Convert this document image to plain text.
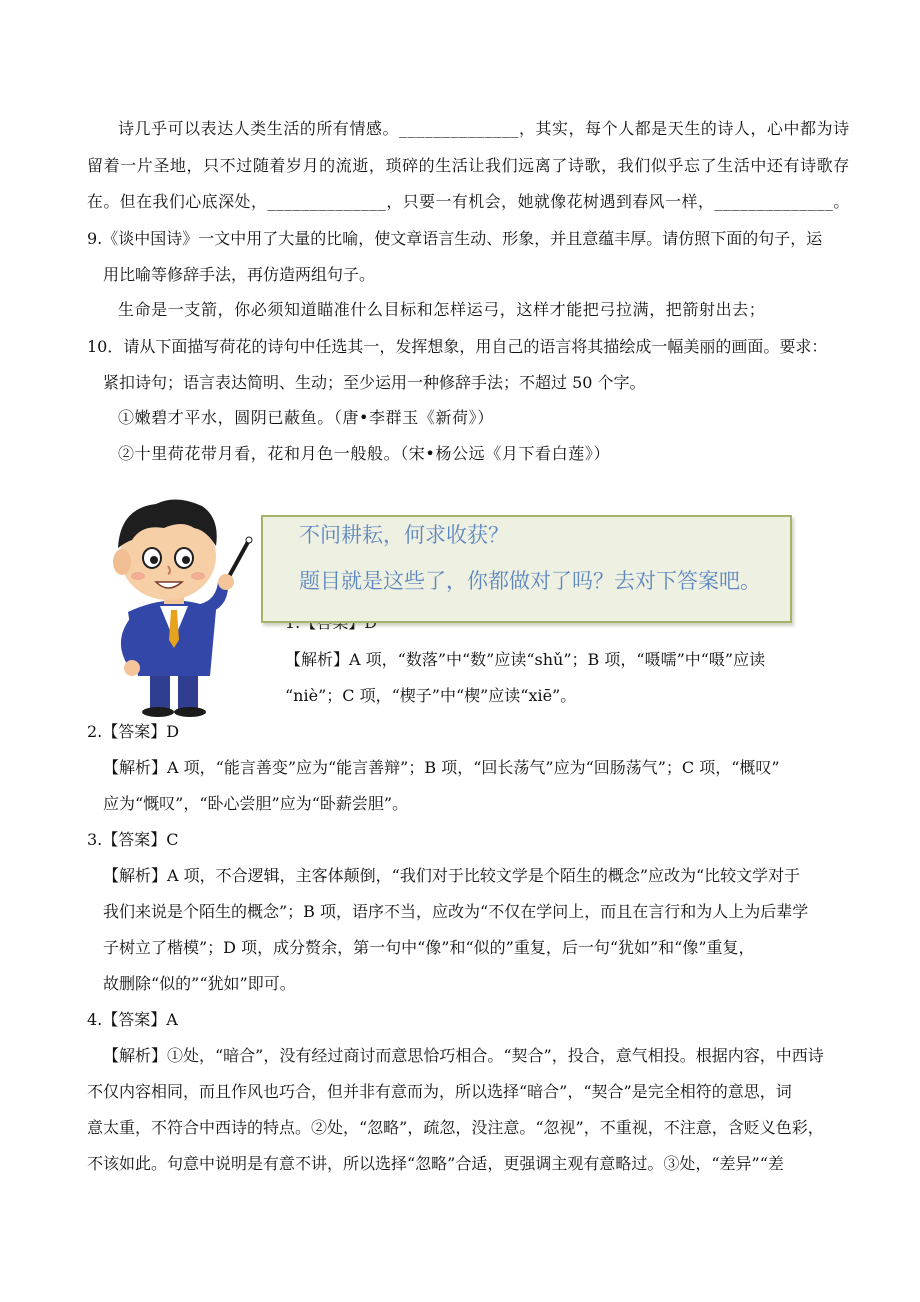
诗几乎可以表达人类生活的所有情感。______________，其实，每个人都是天生的诗人，心中都为诗
留着一片圣地，只不过随着岁月的流逝，琐碎的生活让我们远离了诗歌，我们似乎忘了生活中还有诗歌存
在。但在我们心底深处，______________，只要一有机会，她就像花树遇到春风一样，______________。
9.《谈中国诗》一文中用了大量的比喻，使文章语言生动、形象，并且意蕴丰厚。请仿照下面的句子，运
用比喻等修辞手法，再仿造两组句子。
生命是一支箭，你必须知道瞄准什么目标和怎样运弓，这样才能把弓拉满，把箭射出去；
10．请从下面描写荷花的诗句中任选其一，发挥想象，用自己的语言将其描绘成一幅美丽的画面。要求：
紧扣诗句；语言表达简明、生动；至少运用一种修辞手法；不超过 50 个字。
①嫩碧才平水，圆阴已蔽鱼。（唐•李群玉《新荷》）
②十里荷花带月看，花和月色一般般。（宋•杨公远《月下看白莲》）
【解析】A 项，“数落”中“数”应读“shǔ”；B 项，“嗫嚅”中“嗫”应读
“niè”；C 项，“楔子”中“楔”应读“xiē”。
不问耕耘，何求收获？
题目就是这些了，你都做对了吗？去对下答案吧。
2.【答案】D
【解析】A 项，“能言善变”应为“能言善辩”；B 项，“回长荡气”应为“回肠荡气”；C 项，“概叹”
应为“慨叹”，“卧心尝胆”应为“卧薪尝胆”。
3.【答案】C
【解析】A 项，不合逻辑，主客体颠倒，“我们对于比较文学是个陌生的概念”应改为“比较文学对于
我们来说是个陌生的概念”；B 项，语序不当，应改为“不仅在学问上，而且在言行和为人上为后辈学
子树立了楷模”；D 项，成分赘余，第一句中“像”和“似的”重复，后一句“犹如”和“像”重复，
故删除“似的”“犹如”即可。
4.【答案】A
【解析】①处，“暗合”，没有经过商讨而意思恰巧相合。“契合”，投合，意气相投。根据内容，中西诗
不仅内容相同，而且作风也巧合，但并非有意而为，所以选择“暗合”，“契合”是完全相符的意思，词
意太重，不符合中西诗的特点。②处，“忽略”，疏忽，没注意。“忽视”，不重视，不注意，含贬义色彩，
不该如此。句意中说明是有意不讲，所以选择“忽略”合适，更强调主观有意略过。③处，“差异”“差
